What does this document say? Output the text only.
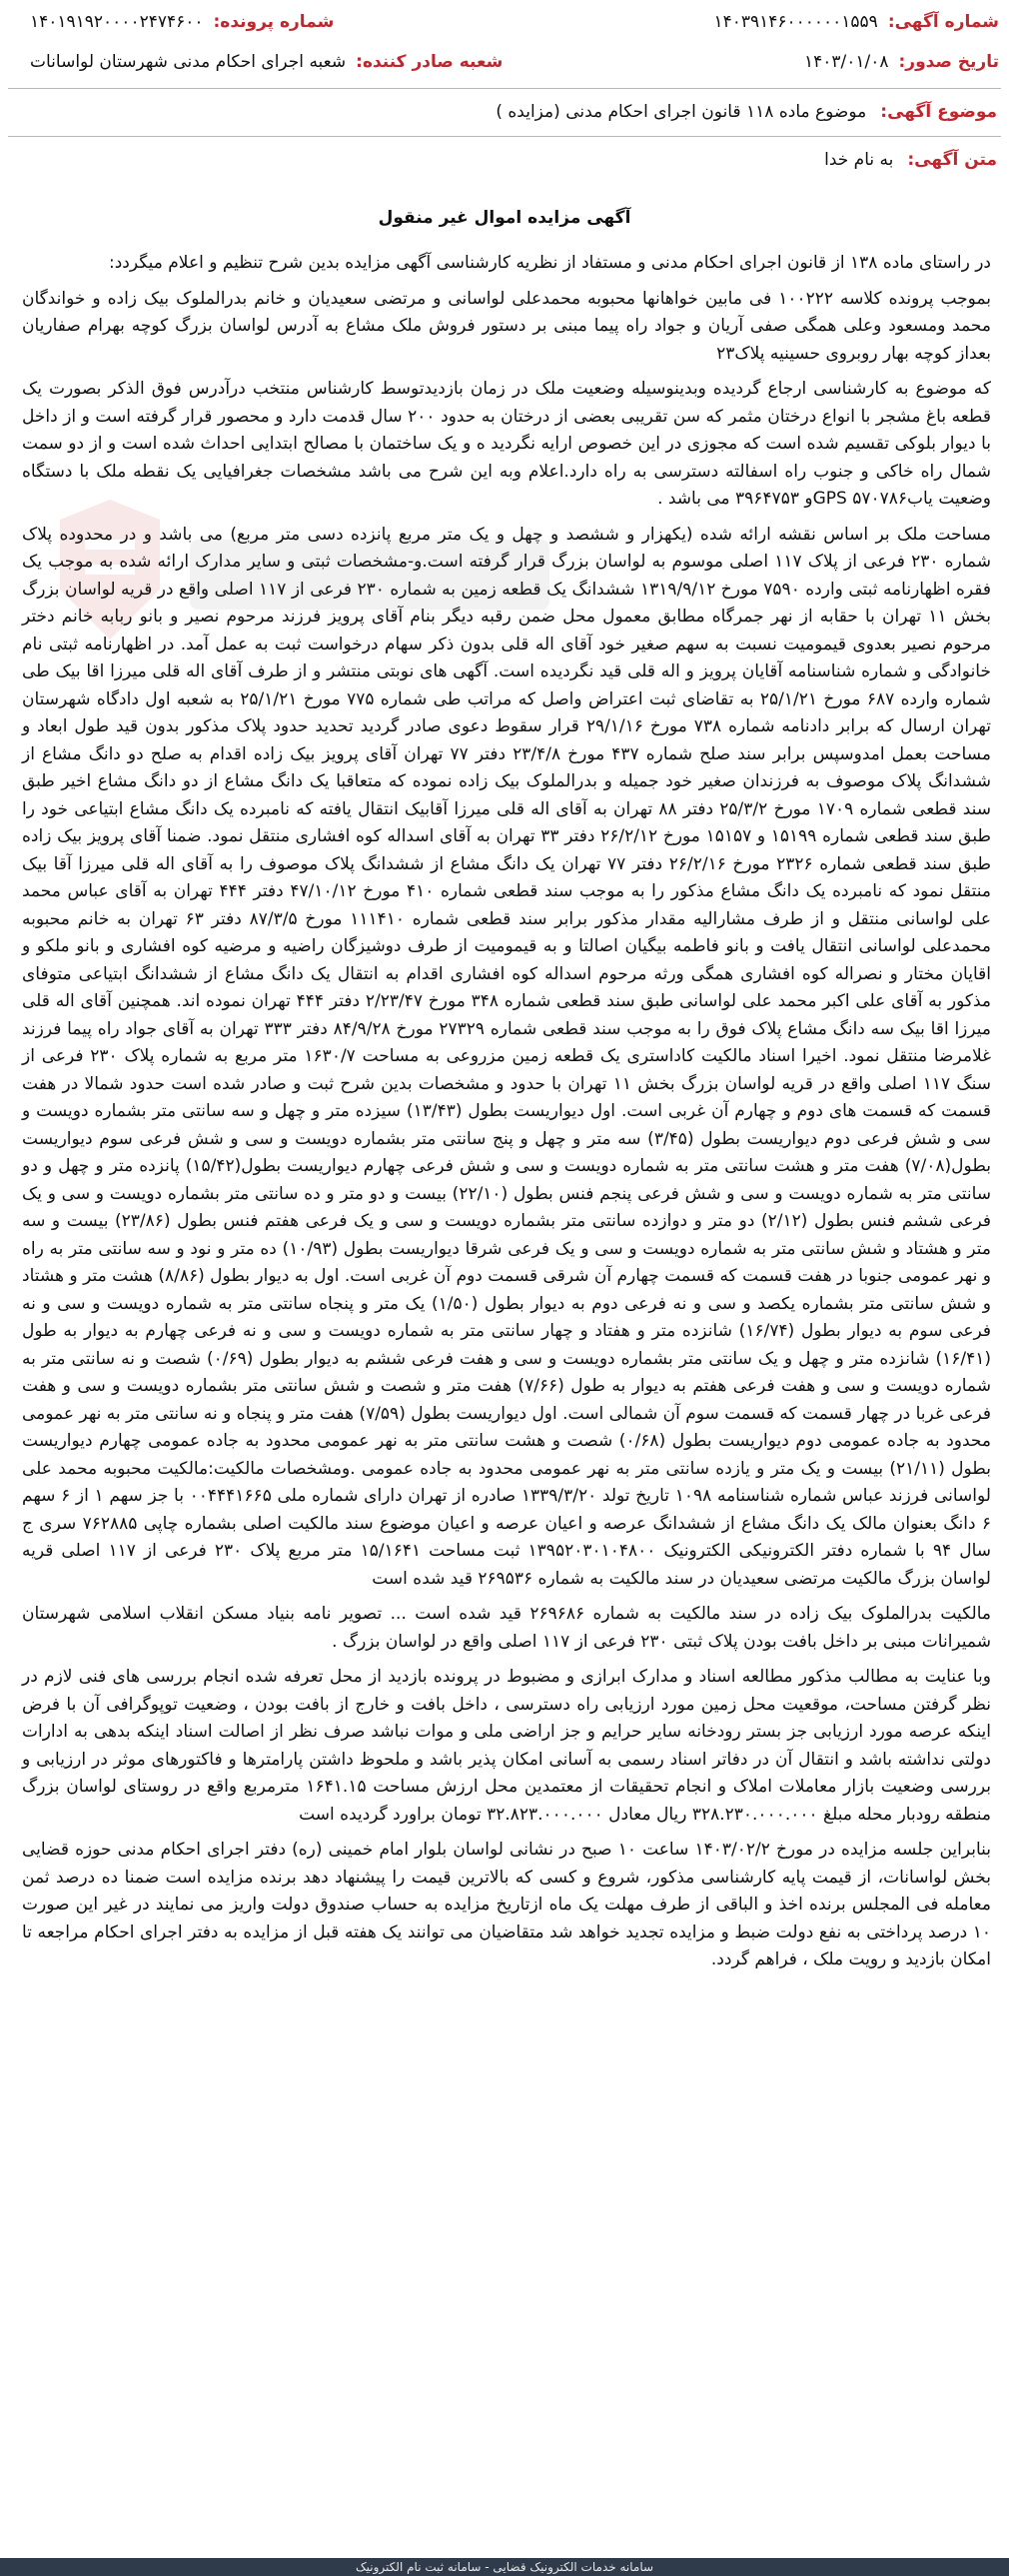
شماره آگهی:
۱۴۰۳۹۱۴۶۰۰۰۰۰۰۱۵۵۹
شماره پرونده:
۱۴۰۱۹۱۹۲۰۰۰۰۲۴۷۴۶۰۰
تاریخ صدور:
۱۴۰۳/۰۱/۰۸
شعبه صادر کننده:
شعبه اجرای احکام مدنی شهرستان لواسانات
موضوع آگهی:
موضوع ماده ۱۱۸ قانون اجرای احکام مدنی (مزایده )
متن آگهی:
به نام خدا
آگهی مزایده اموال غیر منقول

در راستای ماده ۱۳۸ از قانون اجرای احکام مدنی و مستفاد از نظریه کارشناسی آگهی مزایده بدین شرح تنظیم و اعلام میگردد:

بموجب پرونده کلاسه ۱۰۰۲۲۲ فی مابین خواهانها محبوبه محمدعلی لواسانی و مرتضی سعیدیان و خانم بدرالملوک بیک زاده و خواندگان محمد ومسعود وعلی همگی صفی آریان و جواد راه پیما مبنی بر دستور فروش ملک مشاع به آدرس لواسان بزرگ کوچه بهرام صفاریان بعداز کوچه بهار روبروی حسینیه پلاک۲۳

که موضوع به کارشناسی ارجاع گردیده وبدینوسیله وضعیت ملک در زمان بازدیدتوسط کارشناس منتخب درآدرس فوق الذکر بصورت یک قطعه باغ مشجر با انواع درختان مثمر که سن تقریبی بعضی از درختان به حدود ۲۰۰ سال قدمت دارد و محصور قرار گرفته است و از داخل با دیوار بلوکی تقسیم شده است که مجوزی در این خصوص ارایه نگردید ه و یک ساختمان با مصالح ابتدایی احداث شده است و از دو سمت شمال راه خاکی و جنوب راه اسفالته دسترسی به راه دارد.اعلام وبه این شرح می باشد مشخصات جغرافیایی یک نقطه ملک با دستگاه وضعیت یابGPS ۵۷۰۷۸۶و ۳۹۶۴۷۵۳ می باشد .

مساحت ملک بر اساس نقشه ارائه شده (یکهزار و ششصد و چهل و یک متر مربع پانزده دسی متر مربع) می باشد و در محدوده پلاک شماره ۲۳۰ فرعی از پلاک ۱۱۷ اصلی موسوم به لواسان بزرگ قرار گرفته است.و-مشخصات ثبتی و سایر مدارک ارائه شده به موجب یک فقره اظهارنامه ثبتی وارده ۷۵۹۰ مورخ ۱۳۱۹/۹/۱۲ ششدانگ یک قطعه زمین به شماره ۲۳۰ فرعی از ۱۱۷ اصلی واقع در قریه لواسان بزرگ بخش ۱۱ تهران با حقابه از نهر جمرگاه مطابق معمول محل ضمن رقبه دیگر بنام آقای پرویز فرزند مرحوم نصیر و بانو ربابه خانم دختر مرحوم نصیر بعدوی قیمومیت نسبت به سهم صغیر خود آقای اله قلی بدون ذکر سهام درخواست ثبت به عمل آمد. در اظهارنامه ثبتی نام خانوادگی و شماره شناسنامه آقایان پرویز و اله قلی قید نگردیده است. آگهی های نوبتی منتشر و از طرف آقای اله قلی میرزا اقا بیک طی شماره وارده ۶۸۷ مورخ ۲۵/۱/۲۱ به تقاضای ثبت اعتراض واصل که مراتب طی شماره ۷۷۵ مورخ ۲۵/۱/۲۱ به شعبه اول دادگاه شهرستان تهران ارسال که برابر دادنامه شماره ۷۳۸ مورخ ۲۹/۱/۱۶ قرار سقوط دعوی صادر گردید تحدید حدود پلاک مذکور بدون قید طول ابعاد و مساحت بعمل امدوسپس برابر سند صلح شماره ۴۳۷ مورخ ۲۳/۴/۸ دفتر ۷۷ تهران آقای پرویز بیک زاده اقدام به صلح دو دانگ مشاع از ششدانگ پلاک موصوف به فرزندان صغیر خود جمیله و بدرالملوک بیک زاده نموده که متعاقبا یک دانگ مشاع از دو دانگ مشاع اخیر طبق سند قطعی شماره ۱۷۰۹ مورخ ۲۵/۳/۲ دفتر ۸۸ تهران به آقای اله قلی میرزا آقابیک انتقال یافته که نامبرده یک دانگ مشاع ابتیاعی خود را طبق سند قطعی شماره ۱۵۱۹۹ و ۱۵۱۵۷ مورخ ۲۶/۲/۱۲ دفتر ۳۳ تهران به آقای اسداله کوه افشاری منتقل نمود. ضمنا آقای پرویز بیک زاده طبق سند قطعی شماره ۲۳۲۶ مورخ ۲۶/۲/۱۶ دفتر ۷۷ تهران یک دانگ مشاع از ششدانگ پلاک موصوف را به آقای اله قلی میرزا آقا بیک منتقل نمود که نامبرده یک دانگ مشاع مذکور را به موجب سند قطعی شماره ۴۱۰ مورخ ۴۷/۱۰/۱۲ دفتر ۴۴۴ تهران به آقای عباس محمد علی لواسانی منتقل و از طرف مشارالیه مقدار مذکور برابر سند قطعی شماره ۱۱۱۴۱۰ مورخ ۸۷/۳/۵ دفتر ۶۳ تهران به خانم محبوبه محمدعلی لواسانی انتقال یافت و بانو فاطمه بیگیان اصالتا و به قیمومیت از طرف دوشیزگان راضیه و مرضیه کوه افشاری و بانو ملکو و اقایان مختار و نصراله کوه افشاری همگی ورثه مرحوم اسداله کوه افشاری اقدام به انتقال یک دانگ مشاع از ششدانگ ابتیاعی متوفای مذکور به آقای علی اکبر محمد علی لواسانی طبق سند قطعی شماره ۳۴۸ مورخ ۲/۲۳/۴۷ دفتر ۴۴۴ تهران نموده اند. همچنین آقای اله قلی میرزا اقا بیک سه دانگ مشاع پلاک فوق را به موجب سند قطعی شماره ۲۷۳۲۹ مورخ ۸۴/۹/۲۸ دفتر ۳۳۳ تهران به آقای جواد راه پیما فرزند غلامرضا منتقل نمود. اخیرا اسناد مالکیت کاداستری یک قطعه زمین مزروعی به مساحت ۱۶۳۰/۷ متر مربع به شماره پلاک ۲۳۰ فرعی از سنگ ۱۱۷ اصلی واقع در قریه لواسان بزرگ بخش ۱۱ تهران با حدود و مشخصات بدین شرح ثبت و صادر شده است حدود شمالا در هفت قسمت که قسمت های دوم و چهارم آن غربی است. اول دیواریست بطول (۱۳/۴۳) سیزده متر و چهل و سه سانتی متر بشماره دویست و سی و شش فرعی دوم دیواریست بطول (۳/۴۵) سه متر و چهل و پنج سانتی متر بشماره دویست و سی و شش فرعی سوم دیواریست بطول(۷/۰۸) هفت متر و هشت سانتی متر به شماره دویست و سی و شش فرعی چهارم دیواریست بطول(۱۵/۴۲) پانزده متر و چهل و دو سانتی متر به شماره دویست و سی و شش فرعی پنجم فنس بطول (۲۲/۱۰) بیست و دو متر و ده سانتی متر بشماره دویست و سی و یک فرعی ششم فنس بطول (۲/۱۲) دو متر و دوازده سانتی متر بشماره دویست و سی و یک فرعی هفتم فنس بطول (۲۳/۸۶) بیست و سه متر و هشتاد و شش سانتی متر به شماره دویست و سی و یک فرعی شرقا دیواریست بطول (۱۰/۹۳) ده متر و نود و سه سانتی متر به راه و نهر عمومی جنوبا در هفت قسمت که قسمت چهارم آن شرقی قسمت دوم آن غربی است. اول به دیوار بطول (۸/۸۶) هشت متر و هشتاد و شش سانتی متر بشماره یکصد و سی و نه فرعی دوم به دیوار بطول (۱/۵۰) یک متر و پنجاه سانتی متر به شماره دویست و سی و نه فرعی سوم به دیوار بطول (۱۶/۷۴) شانزده متر و هفتاد و چهار سانتی متر به شماره دویست و سی و نه فرعی چهارم به دیوار به طول (۱۶/۴۱) شانزده متر و چهل و یک سانتی متر بشماره دویست و سی و هفت فرعی ششم به دیوار بطول (۰/۶۹) شصت و نه سانتی متر به شماره دویست و سی و هفت فرعی هفتم به دیوار به طول (۷/۶۶) هفت متر و شصت و شش سانتی متر بشماره دویست و سی و هفت فرعی غربا در چهار قسمت که قسمت سوم آن شمالی است. اول دیواریست بطول (۷/۵۹) هفت متر و پنجاه و نه سانتی متر به نهر عمومی محدود به جاده عمومی دوم دیواریست بطول (۰/۶۸) شصت و هشت سانتی متر به نهر عمومی محدود به جاده عمومی چهارم دیواریست بطول (۲۱/۱۱) بیست و یک متر و یازده سانتی متر به نهر عمومی محدود به جاده عمومی .ومشخصات مالکیت:مالکیت محبوبه محمد علی لواسانی فرزند عباس شماره شناسنامه ۱۰۹۸ تاریخ تولد ۱۳۳۹/۳/۲۰ صادره از تهران دارای شماره ملی ۰۰۴۴۴۱۶۶۵ با جز سهم ۱ از ۶ سهم ۶ دانگ بعنوان مالک یک دانگ مشاع از ششدانگ عرصه و اعیان عرصه و اعیان موضوع سند مالکیت اصلی بشماره چاپی ۷۶۲۸۸۵ سری ج سال ۹۴ با شماره دفتر الکترونیکی الکترونیک ۱۳۹۵۲۰۳۰۱۰۴۸۰۰ ثبت مساحت ۱۵/۱۶۴۱ متر مربع پلاک ۲۳۰ فرعی از ۱۱۷ اصلی قریه لواسان بزرگ مالکیت مرتضی سعیدیان در سند مالکیت به شماره ۲۶۹۵۳۶ قید شده است

مالکیت بدرالملوک بیک زاده در سند مالکیت به شماره ۲۶۹۶۸۶ قید شده است ... تصویر نامه بنیاد مسکن انقلاب اسلامی شهرستان شمیرانات مبنی بر داخل بافت بودن پلاک ثبتی ۲۳۰ فرعی از ۱۱۷ اصلی واقع در لواسان بزرگ .

وبا عنایت به مطالب مذکور مطالعه اسناد و مدارک ابرازی و مضبوط در پرونده بازدید از محل تعرفه شده انجام بررسی های فنی لازم در نظر گرفتن مساحت، موقعیت محل زمین مورد ارزیابی راه دسترسی ، داخل بافت و خارج از بافت بودن ، وضعیت توپوگرافی آن با فرض اینکه عرصه مورد ارزیابی جز بستر رودخانه سایر حرایم و جز اراضی ملی و موات نباشد صرف نظر از اصالت اسناد اینکه بدهی به ادارات دولتی نداشته باشد و انتقال آن در دفاتر اسناد رسمی به آسانی امکان پذیر باشد و ملحوظ داشتن پارامترها و فاکتورهای موثر در ارزیابی و بررسی وضعیت بازار معاملات املاک و انجام تحقیقات از معتمدین محل ارزش مساحت ۱۶۴۱.۱۵ مترمربع واقع در روستای لواسان بزرگ منطقه رودبار محله مبلغ ۳۲۸.۲۳۰.۰۰۰.۰۰۰ ریال معادل ۳۲.۸۲۳.۰۰۰.۰۰۰ تومان براورد گردیده است

بنابراین جلسه مزایده در مورخ ۱۴۰۳/۰۲/۲ ساعت ۱۰ صبح در نشانی لواسان بلوار امام خمینی (ره) دفتر اجرای احکام مدنی حوزه قضایی بخش لواسانات، از قیمت پایه کارشناسی مذکور، شروع و کسی که بالاترین قیمت را پیشنهاد دهد برنده مزایده است ضمنا ده درصد ثمن معامله فی المجلس برنده اخذ و الباقی از طرف مهلت یک ماه ازتاریخ مزایده به حساب صندوق دولت واریز می نمایند در غیر این صورت ۱۰ درصد پرداختی به نفع دولت ضبط و مزایده تجدید خواهد شد متقاضیان می توانند یک هفته قبل از مزایده به دفتر اجرای احکام مراجعه تا امکان بازدید و رویت ملک ، فراهم گردد.

سامانه خدمات الکترونیک قضایی - سامانه ثبت نام الکترونیک
